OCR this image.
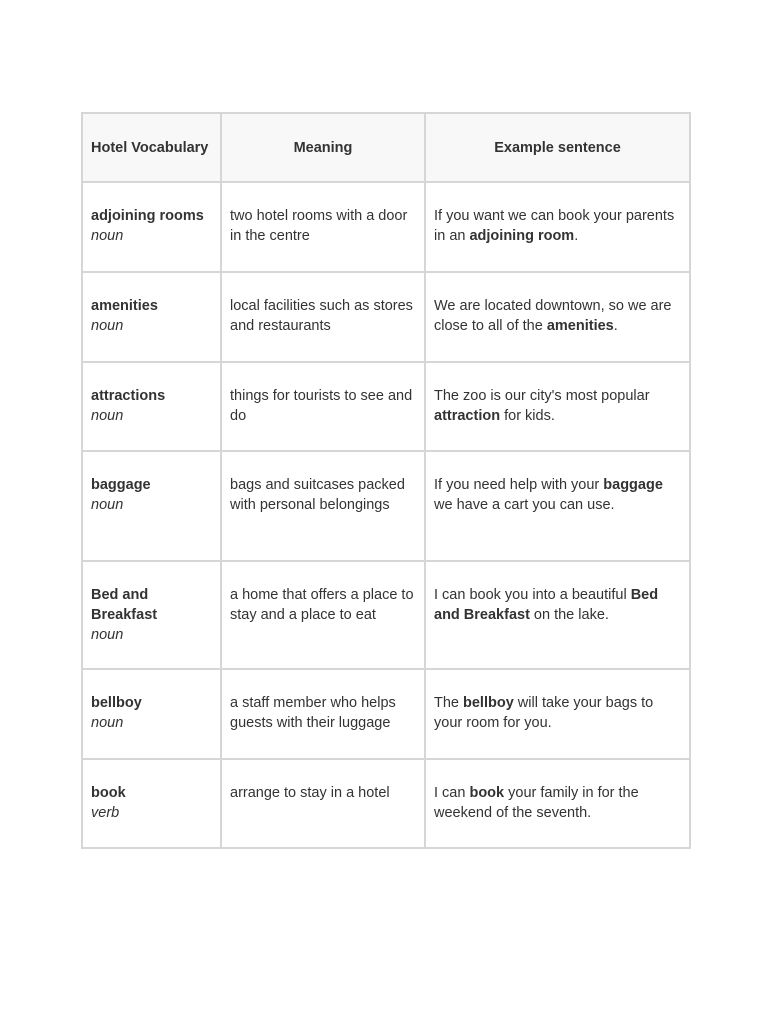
Hotel Vocabulary	Meaning	Example sentence

adjoining rooms
noun	two hotel rooms with a door in the centre	If you want we can book your parents in an adjoining room.

amenities
noun	local facilities such as stores and restaurants	We are located downtown, so we are close to all of the amenities.

attractions
noun	things for tourists to see and do	The zoo is our city's most popular attraction for kids.

baggage
noun	bags and suitcases packed with personal belongings	If you need help with your baggage we have a cart you can use.

Bed and Breakfast
noun	a home that offers a place to stay and a place to eat	I can book you into a beautiful Bed and Breakfast on the lake.

bellboy
noun	a staff member who helps guests with their luggage	The bellboy will take your bags to your room for you.

book
verb	arrange to stay in a hotel	I can book your family in for the weekend of the seventh.
